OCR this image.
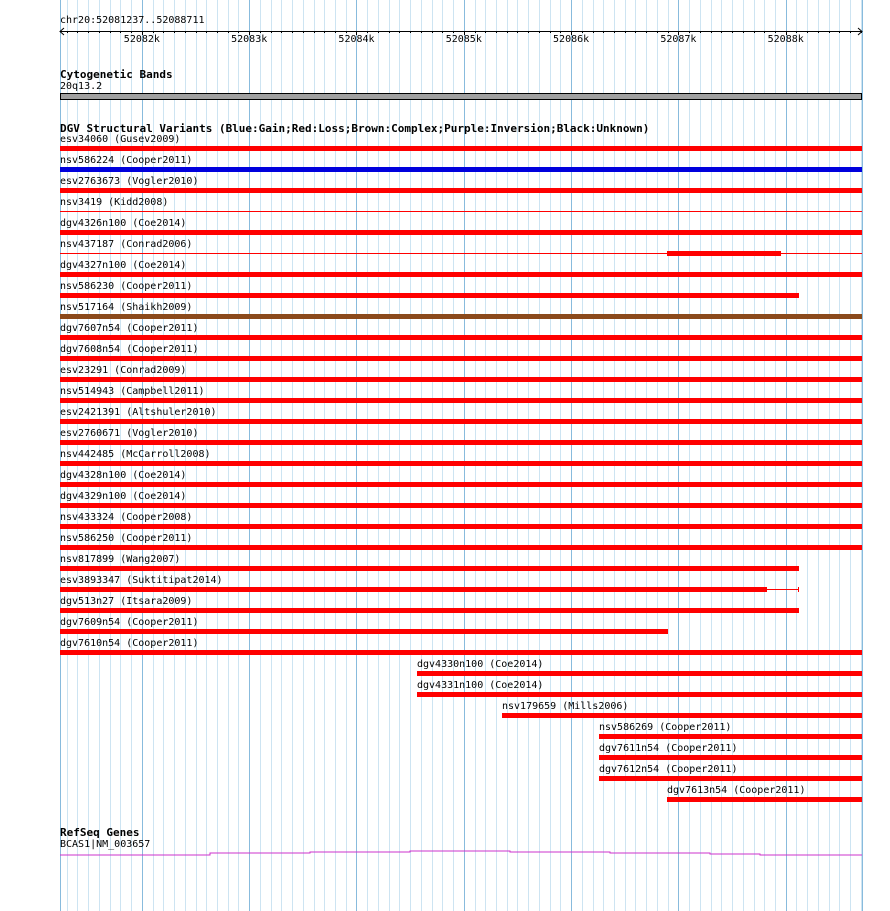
chr20:52081237..52088711
52082k	52083k	52084k	52085k	52086k	52087k	52088k
Cytogenetic Bands
20q13.2
DGV Structural Variants (Blue:Gain;Red:Loss;Brown:Complex;Purple:Inversion;Black:Unknown)
esv34060 (Gusev2009)
nsv586224 (Cooper2011)
esv2763673 (Vogler2010)
nsv3419 (Kidd2008)
dgv4326n100 (Coe2014)
nsv437187 (Conrad2006)
dgv4327n100 (Coe2014)
nsv586230 (Cooper2011)
nsv517164 (Shaikh2009)
dgv7607n54 (Cooper2011)
dgv7608n54 (Cooper2011)
esv23291 (Conrad2009)
nsv514943 (Campbell2011)
esv2421391 (Altshuler2010)
esv2760671 (Vogler2010)
nsv442485 (McCarroll2008)
dgv4328n100 (Coe2014)
dgv4329n100 (Coe2014)
nsv433324 (Cooper2008)
nsv586250 (Cooper2011)
nsv817899 (Wang2007)
esv3893347 (Suktitipat2014)
dgv513n27 (Itsara2009)
dgv7609n54 (Cooper2011)
dgv7610n54 (Cooper2011)
dgv4330n100 (Coe2014)
dgv4331n100 (Coe2014)
nsv179659 (Mills2006)
nsv586269 (Cooper2011)
dgv7611n54 (Cooper2011)
dgv7612n54 (Cooper2011)
dgv7613n54 (Cooper2011)
RefSeq Genes
BCAS1|NM_003657
